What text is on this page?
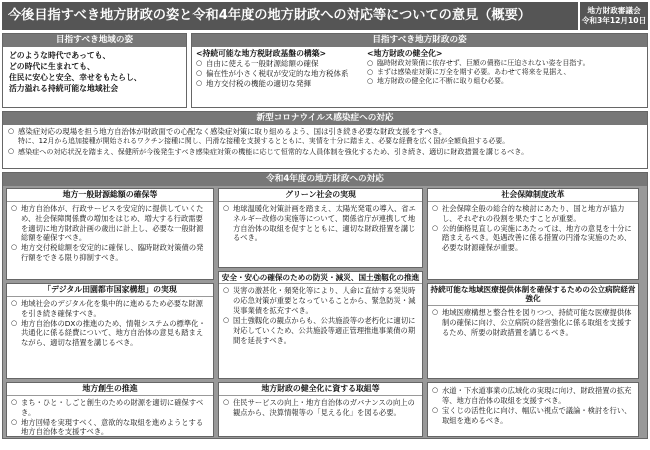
今後目指すべき地方財政の姿と令和4年度の地方財政への対応等についての意見（概要）	地方財政審議会
令和3年12月10日
目指すべき地域の姿
どのような時代であっても、
どの時代に生まれても、
住民に安心と安全、幸せをもたらし、
活力溢れる持続可能な地域社会
目指すべき地方財政の姿
<持続可能な地方税財政基盤の構築>
○ 自由に使える一般財源総額の確保
○ 偏在性が小さく税収が安定的な地方税体系
○ 地方交付税の機能の適切な発揮
<地方財政の健全化>
○ 臨時財政対策債に依存せず、巨額の債務に圧迫されない姿を目指す。
○ まずは感染症対策に万全を期す必要。あわせて将来を見据え、
○ 地方財政の健全化に不断に取り組む必要。
新型コロナウイルス感染症への対応

○ 感染症対応の現場を担う地方自治体が財政面での心配なく感染症対策に取り組めるよう、国は引き続き必要な財政支援をすべき。

特に、12月から追加接種が開始されるワクチン接種に関し、円滑な接種を支援するとともに、実情を十分に踏まえ、必要な経費を広く国が全額負担する必要。

○ 感染症への対応状況を踏まえ、保健所が今後発生すべき感染症対策の機能に応じて恒常的な人員体制を強化するため、引き続き、適切に財政措置を講じるべき。

令和4年度の地方財政への対応
地方一般財源総額の確保等
○ 地方自治体が、行政サービスを安定的に提供していくため、社会保障関係費の増加をはじめ、増大する行政需要を適切に地方財政計画の歳出に計上し、必要な一般財源総額を確保すべき。
○ 地方交付税総額を安定的に確保し、臨時財政対策債の発行額をできる限り抑制すべき。
「デジタル田園都市国家構想」の実現
○ 地域社会のデジタル化を集中的に進めるため必要な財源を引き続き確保すべき。
○ 地方自治体のDXの推進のため、情報システムの標準化・共通化に係る経費について、地方自治体の意見も踏まえながら、適切な措置を講じるべき。
地方創生の推進
○ まち・ひと・しごと創生のための財源を適切に確保すべき。
○ 地方回帰を実現すべく、意欲的な取組を進めようとする地方自治体を支援すべき。
グリーン社会の実現
○ 地球温暖化対策計画を踏まえ、太陽光発電の導入、省エネルギー改修の実施等について、関係省庁が連携して地方自治体の取組を促すとともに、適切な財政措置を講じるべき。
安全・安心の確保のための防災・減災、国土強靱化の推進
○ 災害の激甚化・頻発化等により、人命に直結する発災時の応急対策が重要となっていることから、緊急防災・減災事業債を拡充すべき。
○ 国土強靱化の観点からも、公共施設等の老朽化に適切に対応していくため、公共施設等適正管理推進事業債の期間を延長すべき。
地方財政の健全化に資する取組等
○ 住民サービスの向上・地方自治体のガバナンスの向上の観点から、決算情報等の「見える化」を図る必要。
社会保障制度改革
○ 社会保障全般の総合的な検討にあたり、国と地方が協力し、それぞれの役割を果たすことが重要。
○ 公的価格見直しの実施にあたっては、地方の意見を十分に踏まえるべき。処遇改善に係る措置の円滑な実施のため、必要な財源確保が重要。
持続可能な地域医療提供体制を確保するための公立病院経営強化
○ 地域医療構想と整合性を図りつつ、持続可能な医療提供体制の確保に向け、公立病院の経営強化に係る取組を支援するため、所要の財政措置を講じるべき。
○ 水道・下水道事業の広域化の実現に向け、財政措置の拡充等、地方自治体の取組を支援すべき。
○ 宝くじの活性化に向け、幅広い視点で議論・検討を行い、取組を進めるべき。
